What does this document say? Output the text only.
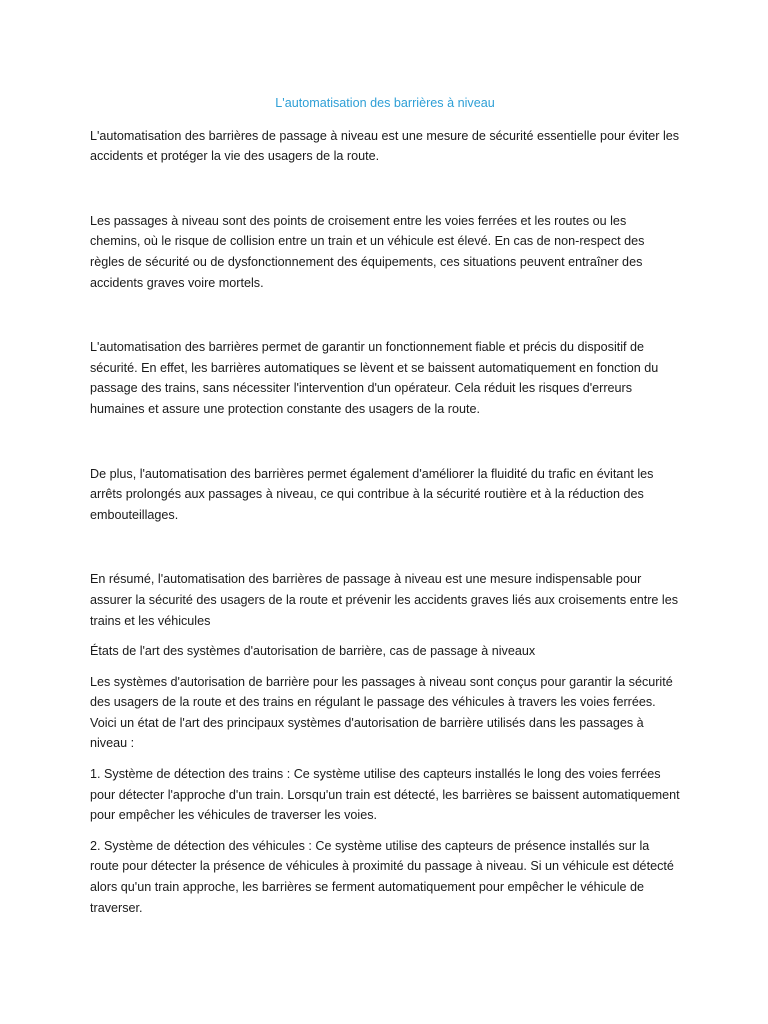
L'automatisation des barrières à niveau

L'automatisation des barrières de passage à niveau est une mesure de sécurité essentielle pour éviter les accidents et protéger la vie des usagers de la route.

Les passages à niveau sont des points de croisement entre les voies ferrées et les routes ou les chemins, où le risque de collision entre un train et un véhicule est élevé. En cas de non-respect des règles de sécurité ou de dysfonctionnement des équipements, ces situations peuvent entraîner des accidents graves voire mortels.

L'automatisation des barrières permet de garantir un fonctionnement fiable et précis du dispositif de sécurité. En effet, les barrières automatiques se lèvent et se baissent automatiquement en fonction du passage des trains, sans nécessiter l'intervention d'un opérateur. Cela réduit les risques d'erreurs humaines et assure une protection constante des usagers de la route.

De plus, l'automatisation des barrières permet également d'améliorer la fluidité du trafic en évitant les arrêts prolongés aux passages à niveau, ce qui contribue à la sécurité routière et à la réduction des embouteillages.

En résumé, l'automatisation des barrières de passage à niveau est une mesure indispensable pour assurer la sécurité des usagers de la route et prévenir les accidents graves liés aux croisements entre les trains et les véhicules

États de l'art des systèmes d'autorisation de barrière, cas de passage à niveaux

Les systèmes d'autorisation de barrière pour les passages à niveau sont conçus pour garantir la sécurité des usagers de la route et des trains en régulant le passage des véhicules à travers les voies ferrées. Voici un état de l'art des principaux systèmes d'autorisation de barrière utilisés dans les passages à niveau :

1. Système de détection des trains : Ce système utilise des capteurs installés le long des voies ferrées pour détecter l'approche d'un train. Lorsqu'un train est détecté, les barrières se baissent automatiquement pour empêcher les véhicules de traverser les voies.

2. Système de détection des véhicules : Ce système utilise des capteurs de présence installés sur la route pour détecter la présence de véhicules à proximité du passage à niveau. Si un véhicule est détecté alors qu'un train approche, les barrières se ferment automatiquement pour empêcher le véhicule de traverser.
